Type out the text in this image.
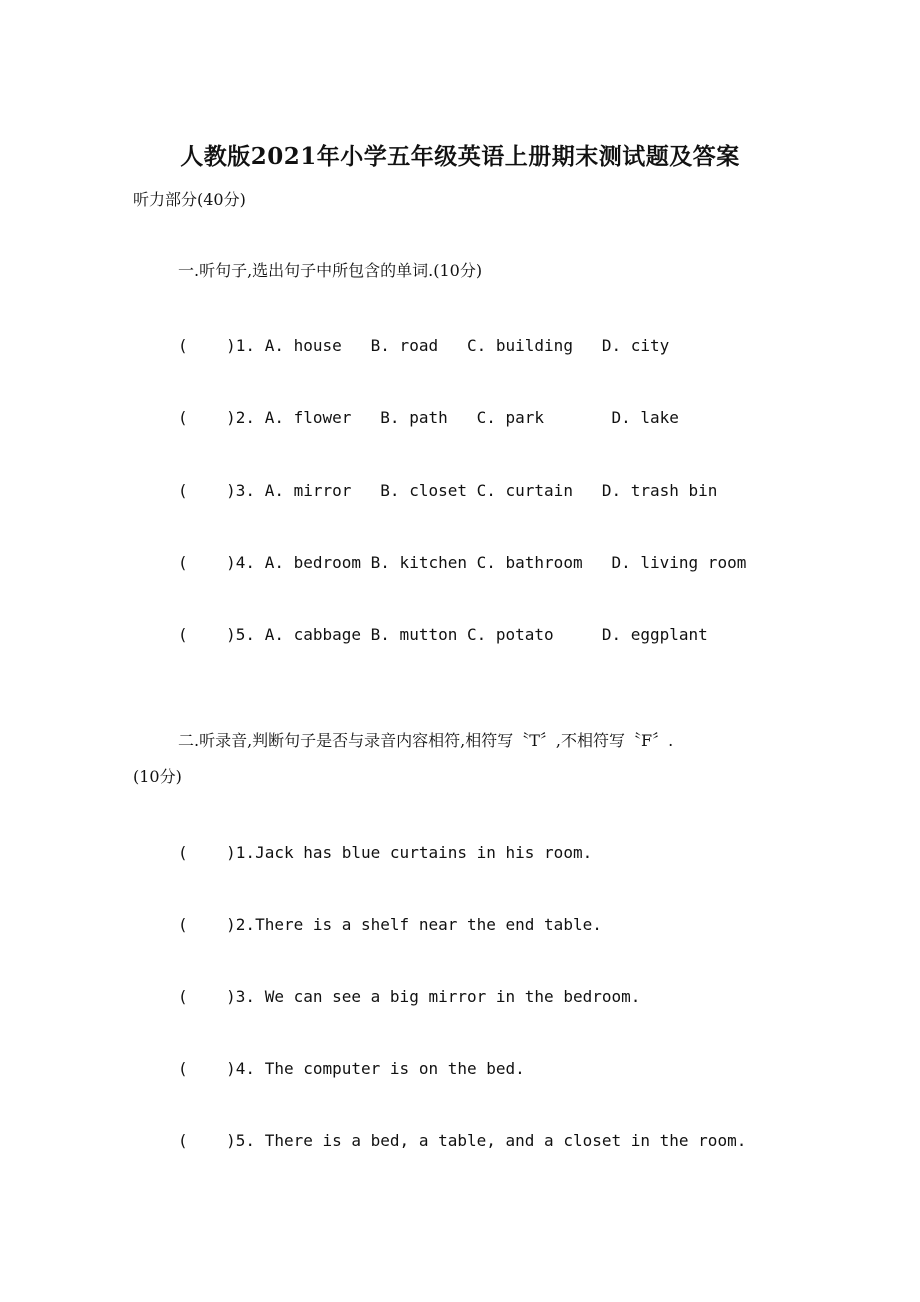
人教版2021年小学五年级英语上册期末测试题及答案
听力部分(40分)
一.听句子,选出句子中所包含的单词.(10分)
(    )1. A. house   B. road   C. building   D. city
(    )2. A. flower   B. path   C. park       D. lake
(    )3. A. mirror   B. closet C. curtain   D. trash bin
(    )4. A. bedroom B. kitchen C. bathroom   D. living room
(    )5. A. cabbage B. mutton C. potato     D. eggplant
二.听录音,判断句子是否与录音内容相符,相符写〝T〞,不相符写〝F〞.
(10分)
(    )1.Jack has blue curtains in his room.
(    )2.There is a shelf near the end table.
(    )3. We can see a big mirror in the bedroom.
(    )4. The computer is on the bed.
(    )5. There is a bed, a table, and a closet in the room.
